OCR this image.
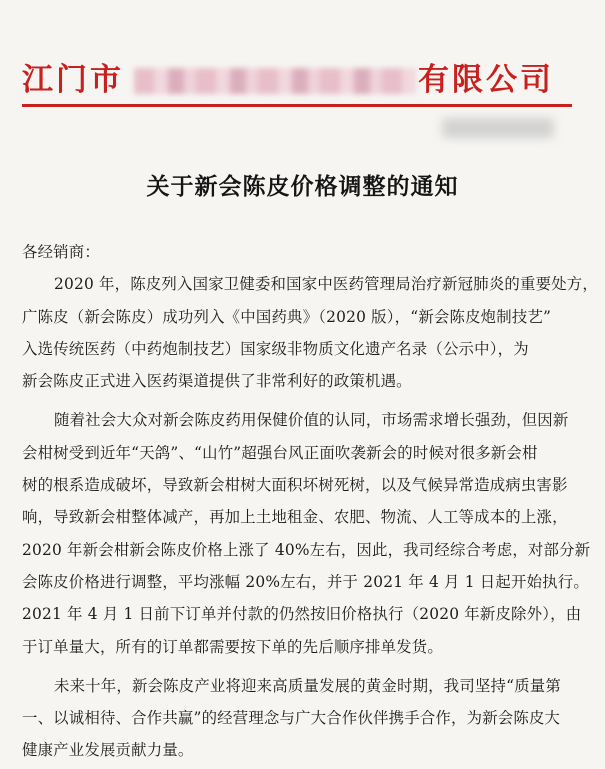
江门市	有限公司
关于新会陈皮价格调整的通知
各经销商：
2020 年，陈皮列入国家卫健委和国家中医药管理局治疗新冠肺炎的重要处方，
广陈皮（新会陈皮）成功列入《中国药典》（2020 版），“新会陈皮炮制技艺”
入选传统医药（中药炮制技艺）国家级非物质文化遗产名录（公示中），为
新会陈皮正式进入医药渠道提供了非常利好的政策机遇。
随着社会大众对新会陈皮药用保健价值的认同，市场需求增长强劲，但因新
会柑树受到近年“天鸽”、“山竹”超强台风正面吹袭新会的时候对很多新会柑
树的根系造成破坏，导致新会柑树大面积坏树死树，以及气候异常造成病虫害影
响，导致新会柑整体减产，再加上土地租金、农肥、物流、人工等成本的上涨，
2020 年新会柑新会陈皮价格上涨了 40%左右，因此，我司经综合考虑，对部分新
会陈皮价格进行调整，平均涨幅 20%左右，并于 2021 年 4 月 1 日起开始执行。
2021 年 4 月 1 日前下订单并付款的仍然按旧价格执行（2020 年新皮除外），由
于订单量大，所有的订单都需要按下单的先后顺序排单发货。
未来十年，新会陈皮产业将迎来高质量发展的黄金时期，我司坚持“质量第
一、以诚相待、合作共赢”的经营理念与广大合作伙伴携手合作，为新会陈皮大
健康产业发展贡献力量。
